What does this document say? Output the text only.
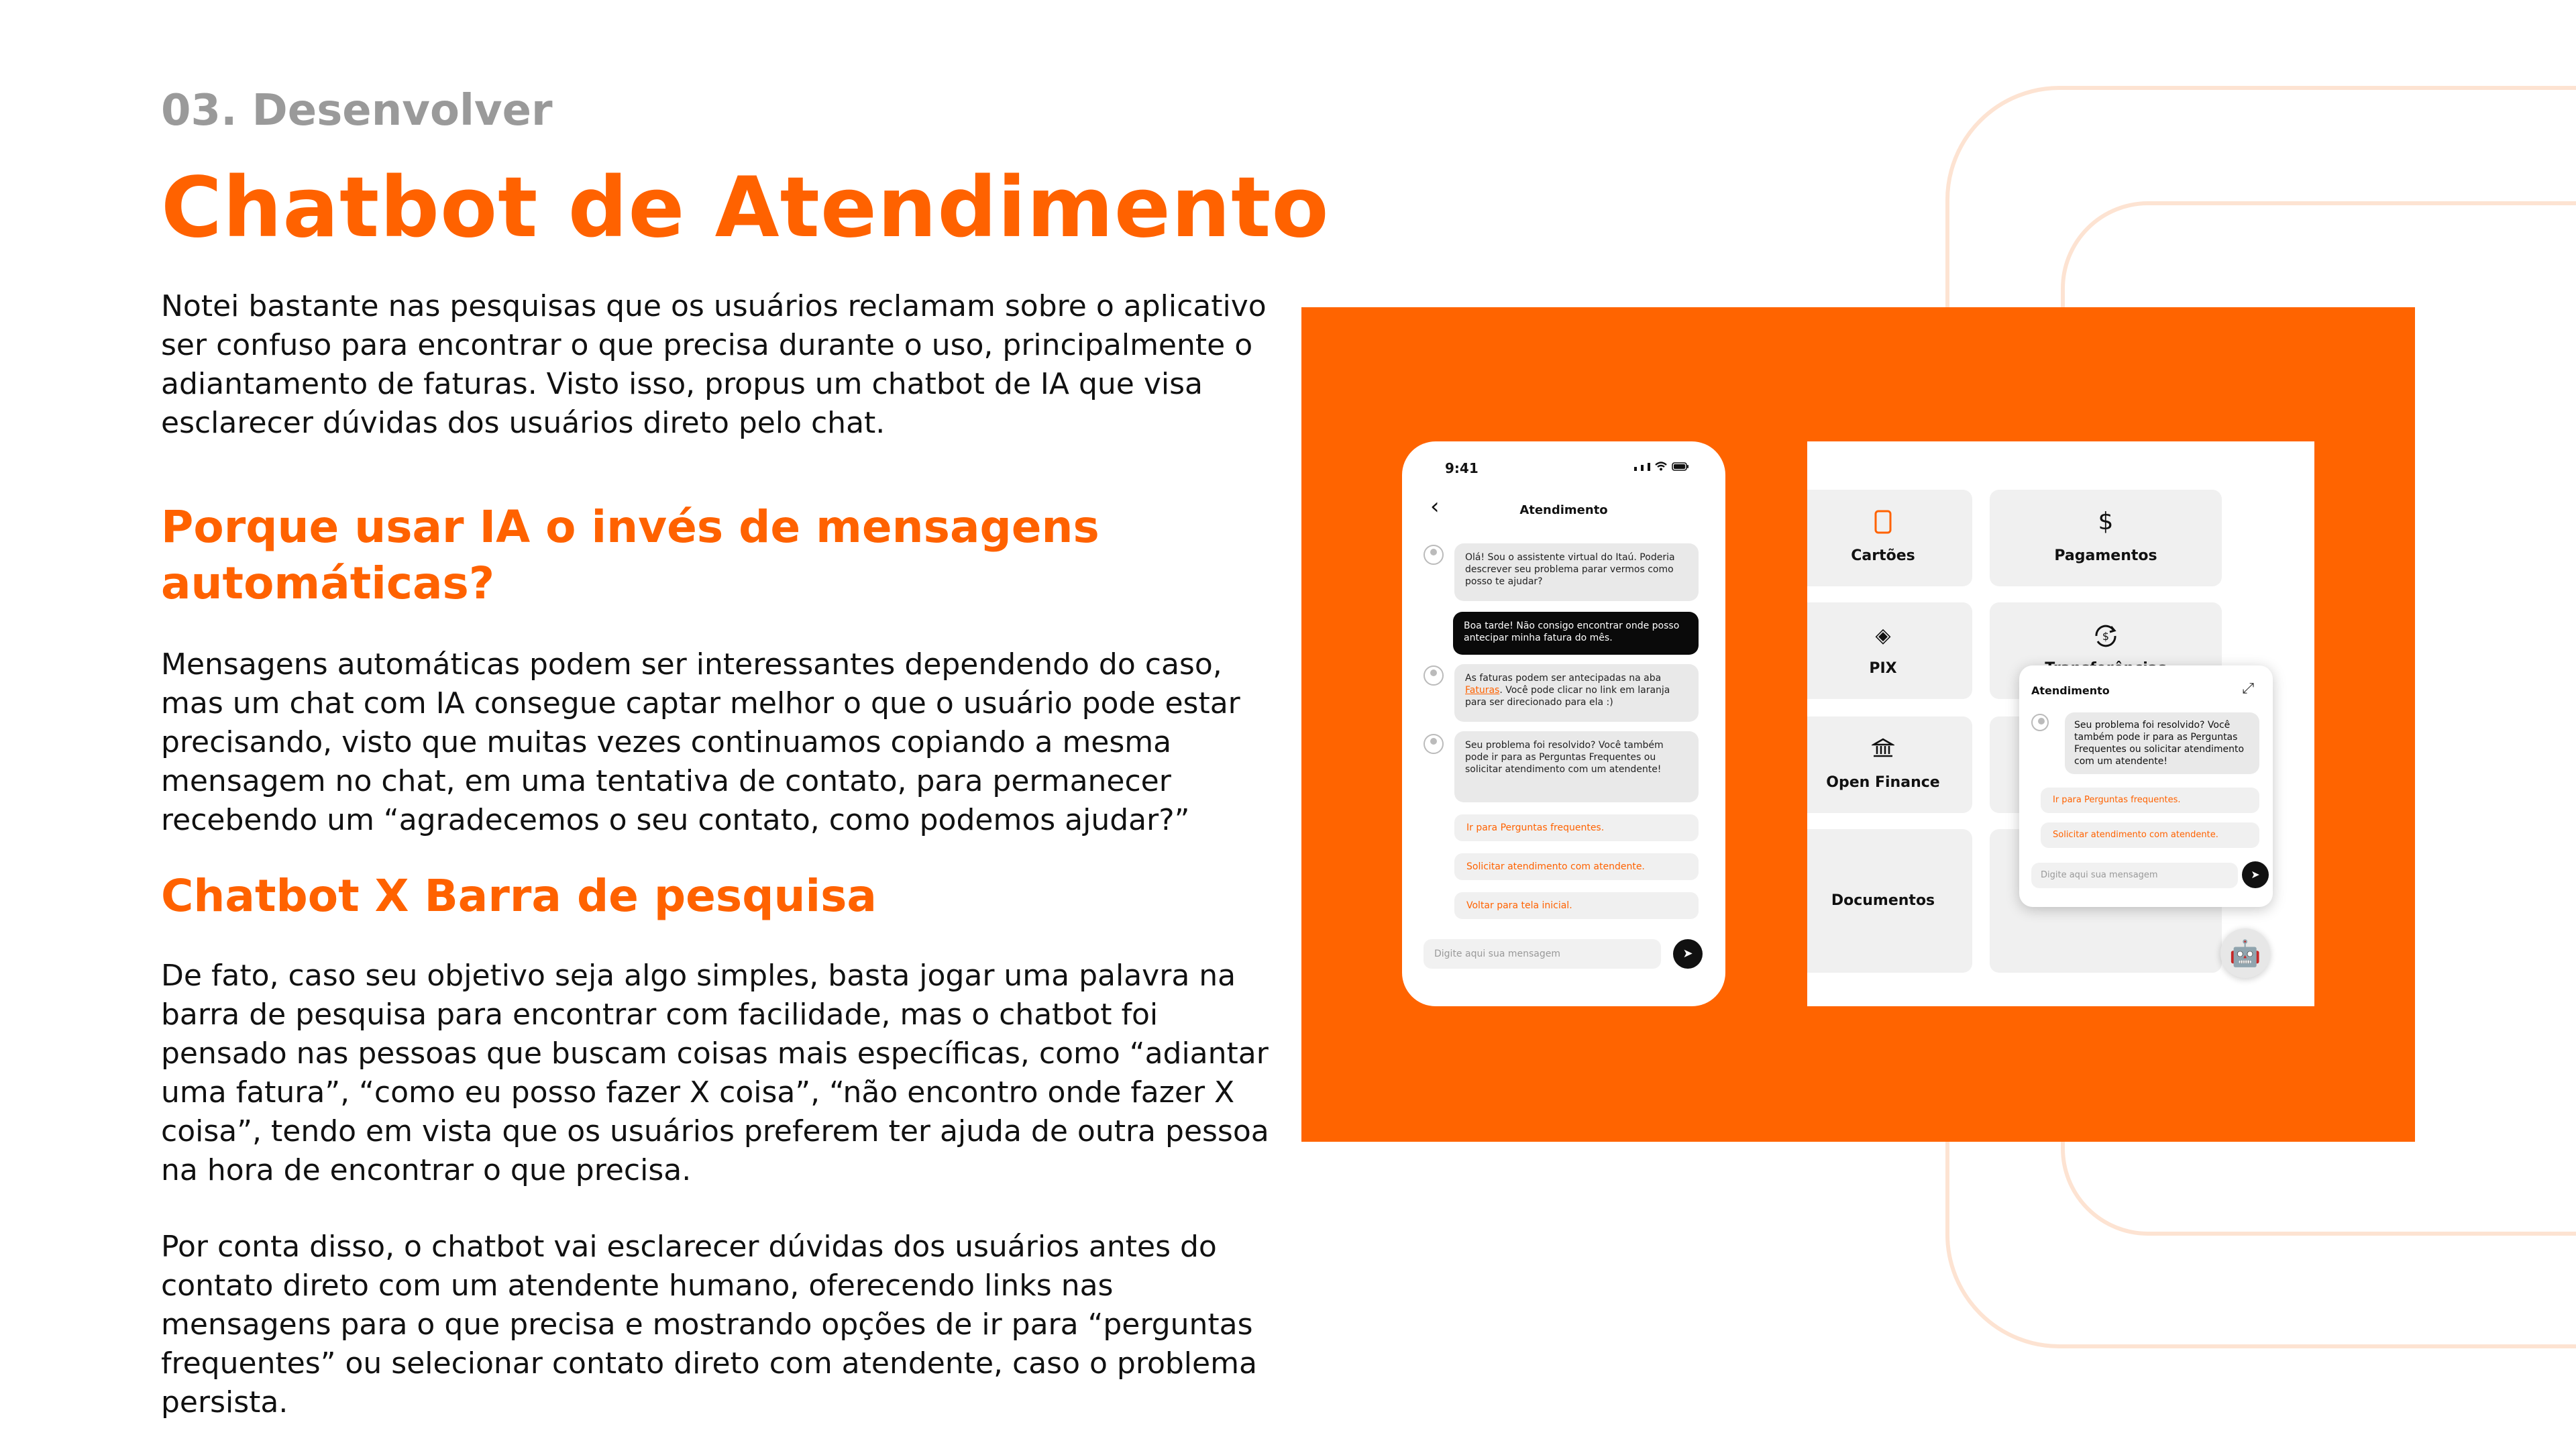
03. Desenvolver
Chatbot de Atendimento

Notei bastante nas pesquisas que os usuários reclamam sobre o aplicativo ser confuso para encontrar o que precisa durante o uso, principalmente o adiantamento de faturas. Visto isso, propus um chatbot de IA que visa esclarecer dúvidas dos usuários direto pelo chat.

Porque usar IA o invés de mensagens automáticas?

Mensagens automáticas podem ser interessantes dependendo do caso, mas um chat com IA consegue captar melhor o que o usuário pode estar precisando, visto que muitas vezes continuamos copiando a mesma mensagem no chat, em uma tentativa de contato, para permanecer recebendo um “agradecemos o seu contato, como podemos ajudar?”

Chatbot X Barra de pesquisa

De fato, caso seu objetivo seja algo simples, basta jogar uma palavra na barra de pesquisa para encontrar com facilidade, mas o chatbot foi pensado nas pessoas que buscam coisas mais específicas, como “adiantar uma fatura”, “como eu posso fazer X coisa”, “não encontro onde fazer X coisa”, tendo em vista que os usuários preferem ter ajuda de outra pessoa na hora de encontrar o que precisa.

Por conta disso, o chatbot vai esclarecer dúvidas dos usuários antes do contato direto com um atendente humano, oferecendo links nas mensagens para o que precisa e mostrando opções de ir para “perguntas frequentes” ou selecionar contato direto com atendente, caso o problema persista.

9:41
‹	Atendimento
Olá! Sou o assistente virtual do Itaú. Poderia descrever seu problema parar vermos como posso te ajudar?
Boa tarde! Não consigo encontrar onde posso antecipar minha fatura do mês.
As faturas podem ser antecipadas na aba Faturas. Você pode clicar no link em laranja para ser direcionado para ela :)
Seu problema foi resolvido? Você também pode ir para as Perguntas Frequentes ou solicitar atendimento com um atendente!
Ir para Perguntas frequentes.
Solicitar atendimento com atendente.
Voltar para tela inicial.
Digite aqui sua mensagem	➤
Cartões
$
Pagamentos
◈
PIX
$
Open Finance
Documentos
Atendimento	⤢
Seu problema foi resolvido? Você também pode ir para as Perguntas Frequentes ou solicitar atendimento com um atendente!
Ir para Perguntas frequentes.
Solicitar atendimento com atendente.
Digite aqui sua mensagem	➤
🤖
